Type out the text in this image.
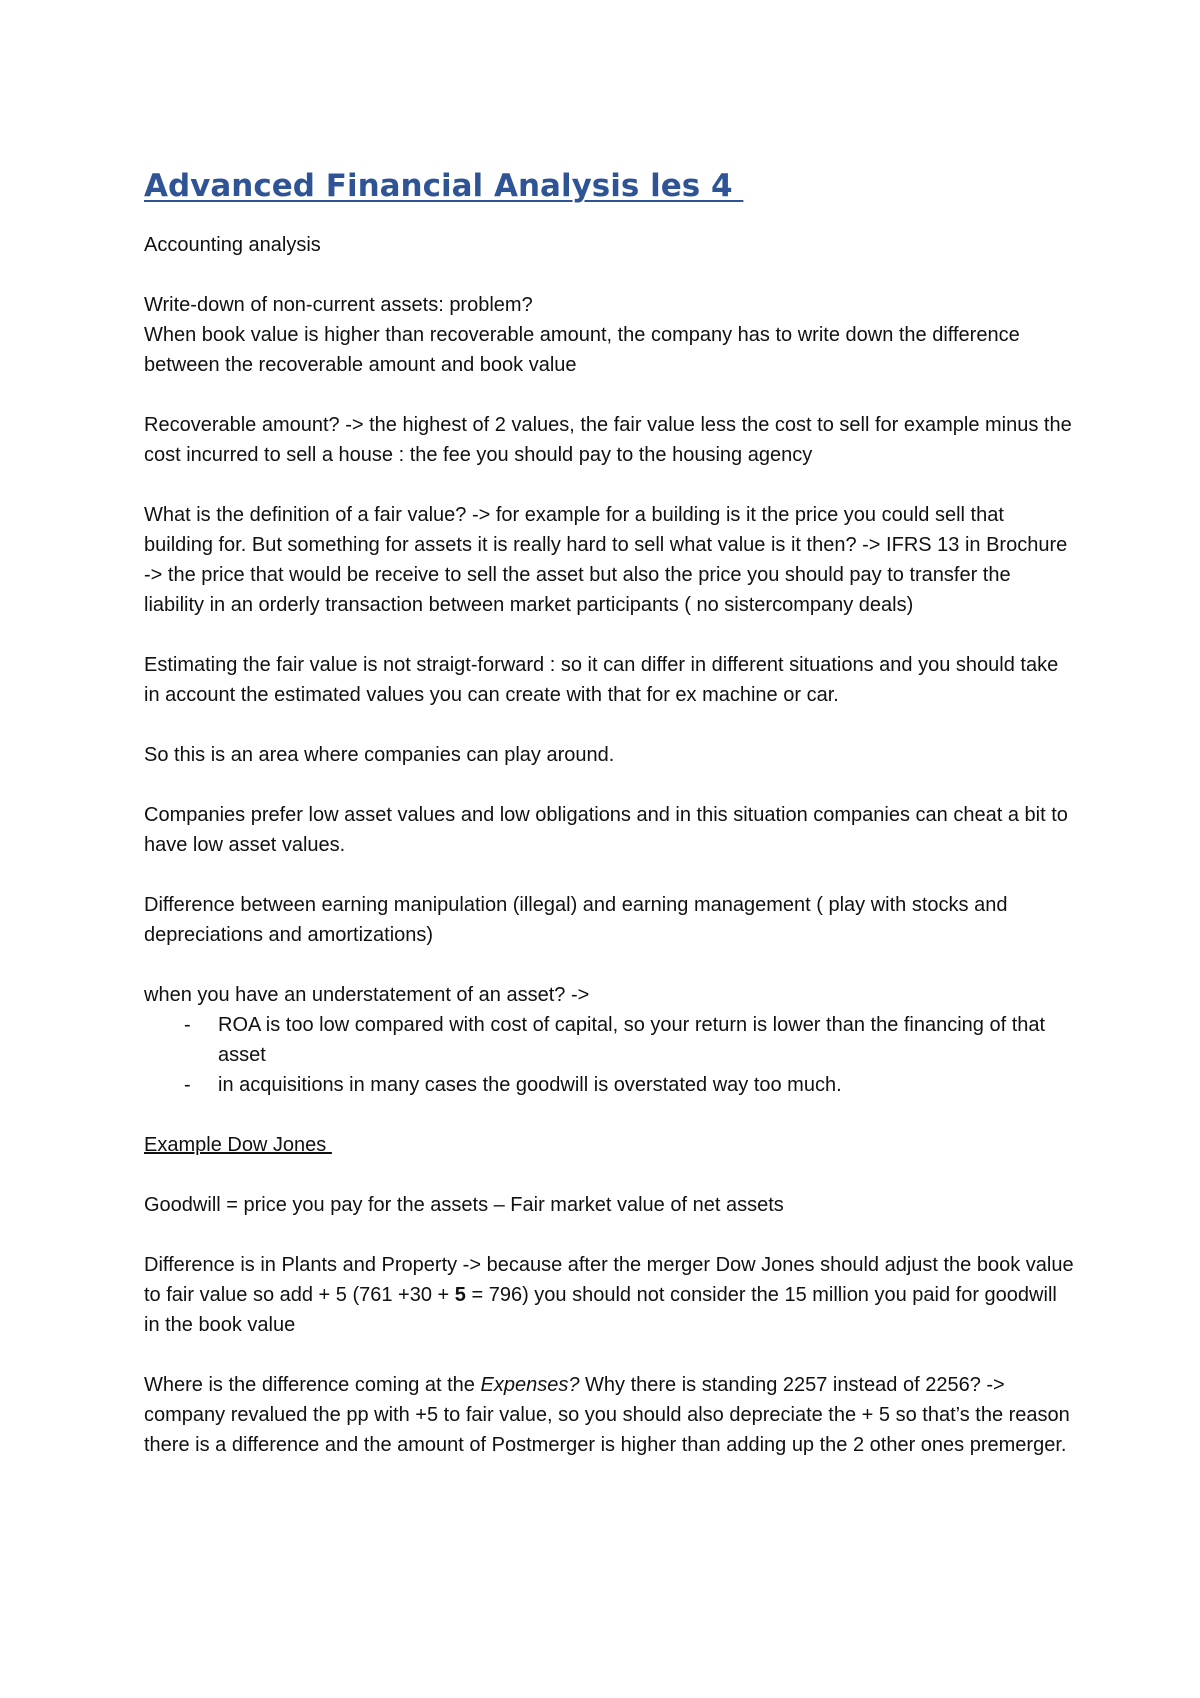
Advanced Financial Analysis les 4

Accounting analysis

Write-down of non-current assets: problem?

When book value is higher than recoverable amount, the company has to write down the difference between the recoverable amount and book value

Recoverable amount? -> the highest of 2 values, the fair value less the cost to sell for example minus the cost incurred to sell a house : the fee you should pay to the housing agency

What is the definition of a fair value? -> for example for a building is it the price you could sell that building for. But something for assets it is really hard to sell what value is it then? -> IFRS 13 in Brochure -> the price that would be receive to sell the asset but also the price you should pay to transfer the liability in an orderly transaction between market participants ( no sistercompany deals)

Estimating the fair value is not straigt-forward : so it can differ in different situations and you should take in account the estimated values you can create with that for ex machine or car.

So this is an area where companies can play around.

Companies prefer low asset values and low obligations and in this situation companies can cheat a bit to have low asset values.

Difference between earning manipulation (illegal) and earning management ( play with stocks and depreciations and amortizations)

when you have an understatement of an asset? ->

- ROA is too low compared with cost of capital, so your return is lower than the financing of that asset
- in acquisitions in many cases the goodwill is overstated way too much.

Example Dow Jones

Goodwill = price you pay for the assets – Fair market value of net assets

Difference is in Plants and Property -> because after the merger Dow Jones should adjust the book value to fair value so add + 5 (761 +30 + 5 = 796) you should not consider the 15 million you paid for goodwill in the book value

Where is the difference coming at the Expenses? Why there is standing 2257 instead of 2256? -> company revalued the pp with +5 to fair value, so you should also depreciate the + 5 so that’s the reason there is a difference and the amount of Postmerger is higher than adding up the 2 other ones premerger.
